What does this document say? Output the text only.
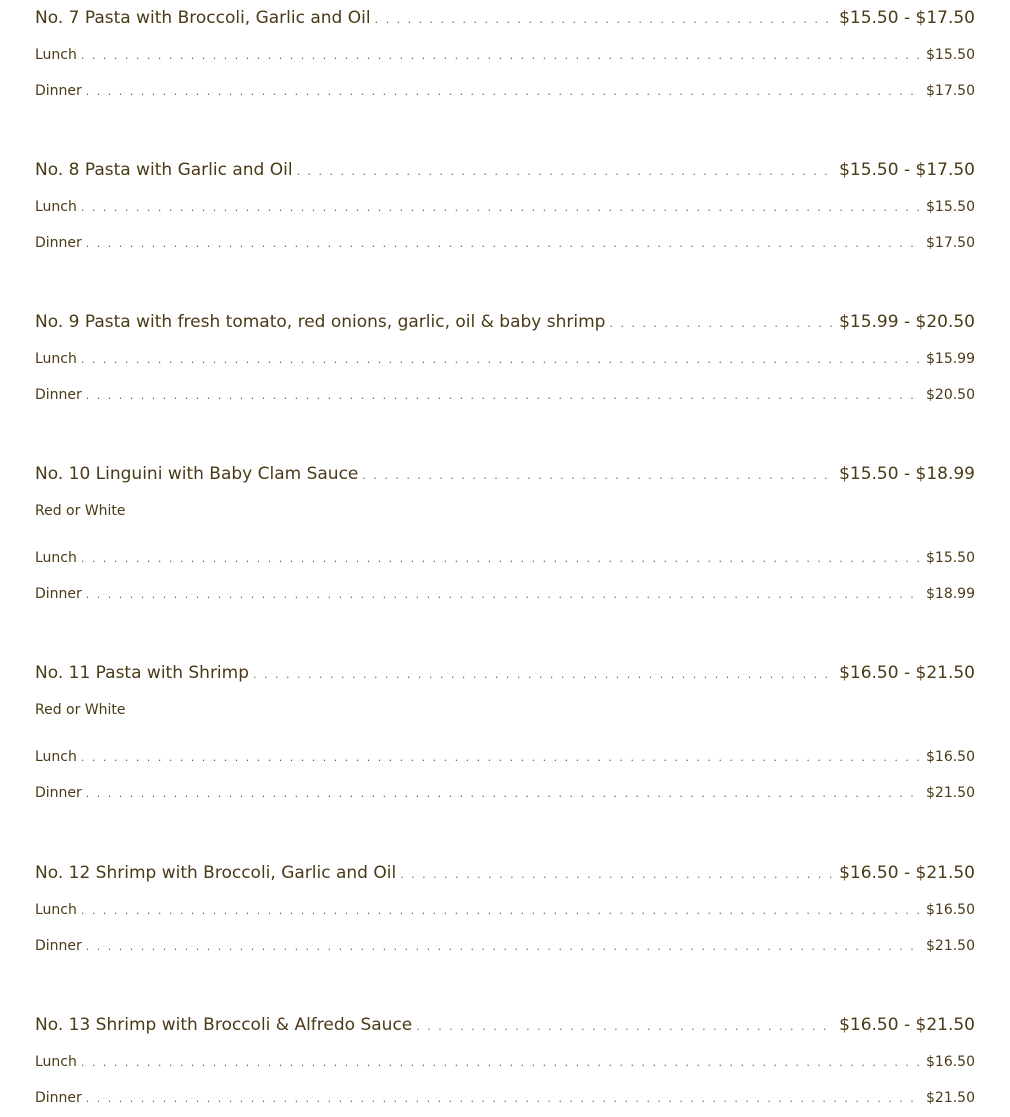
No. 7 Pasta with Broccoli, Garlic and Oil . . .	$15.50 - $17.50
Lunch . . .	$15.50
Dinner . . .	$17.50
No. 8 Pasta with Garlic and Oil . . .	$15.50 - $17.50
Lunch . . .	$15.50
Dinner . . .	$17.50
No. 9 Pasta with fresh tomato, red onions, garlic, oil & baby shrimp . . .	$15.99 - $20.50
Lunch . . .	$15.99
Dinner . . .	$20.50
No. 10 Linguini with Baby Clam Sauce . . .	$15.50 - $18.99
Red or White
Lunch . . .	$15.50
Dinner . . .	$18.99
No. 11 Pasta with Shrimp . . .	$16.50 - $21.50
Red or White
Lunch . . .	$16.50
Dinner . . .	$21.50
No. 12 Shrimp with Broccoli, Garlic and Oil . . .	$16.50 - $21.50
Lunch . . .	$16.50
Dinner . . .	$21.50
No. 13 Shrimp with Broccoli & Alfredo Sauce . . .	$16.50 - $21.50
Lunch . . .	$16.50
Dinner . . .	$21.50
